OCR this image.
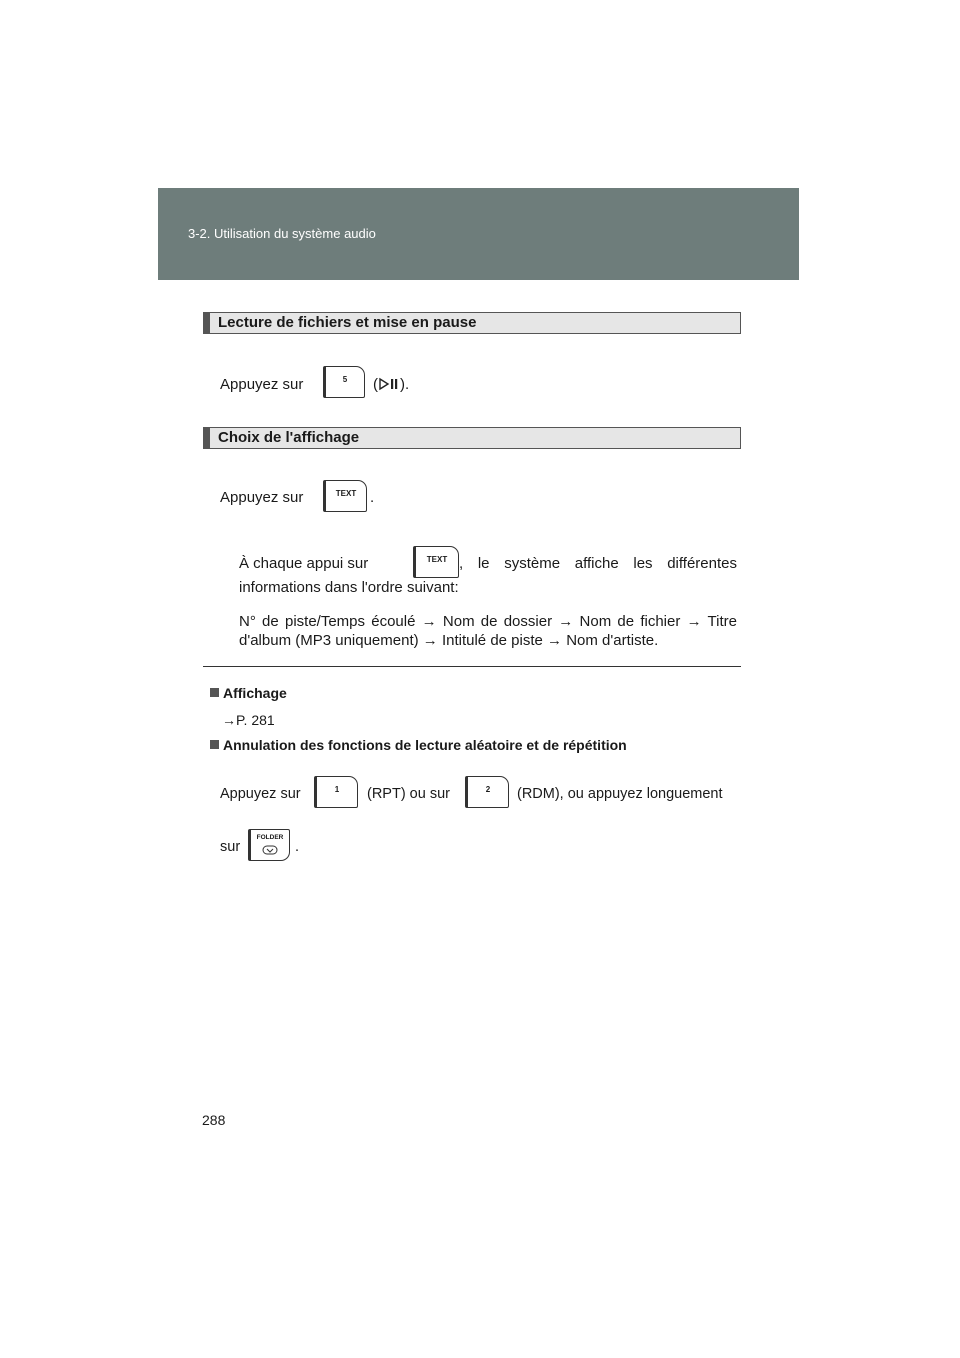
3-2. Utilisation du système audio
Lecture de fichiers et mise en pause
Appuyez sur	5	( ).
Choix de l'affichage
Appuyez sur	TEXT .
À chaque appui sur	TEXT , le système affiche les différentes informations dans l'ordre suivant:
N° de piste/Temps écoulé → Nom de dossier → Nom de fichier → Titre d'album (MP3 uniquement) → Intitulé de piste → Nom d'artiste.
Affichage
→P. 281
Annulation des fonctions de lecture aléatoire et de répétition
Appuyez sur	1	(RPT) ou sur	2	(RDM), ou appuyez longuement
sur
FOLDER
.
288
